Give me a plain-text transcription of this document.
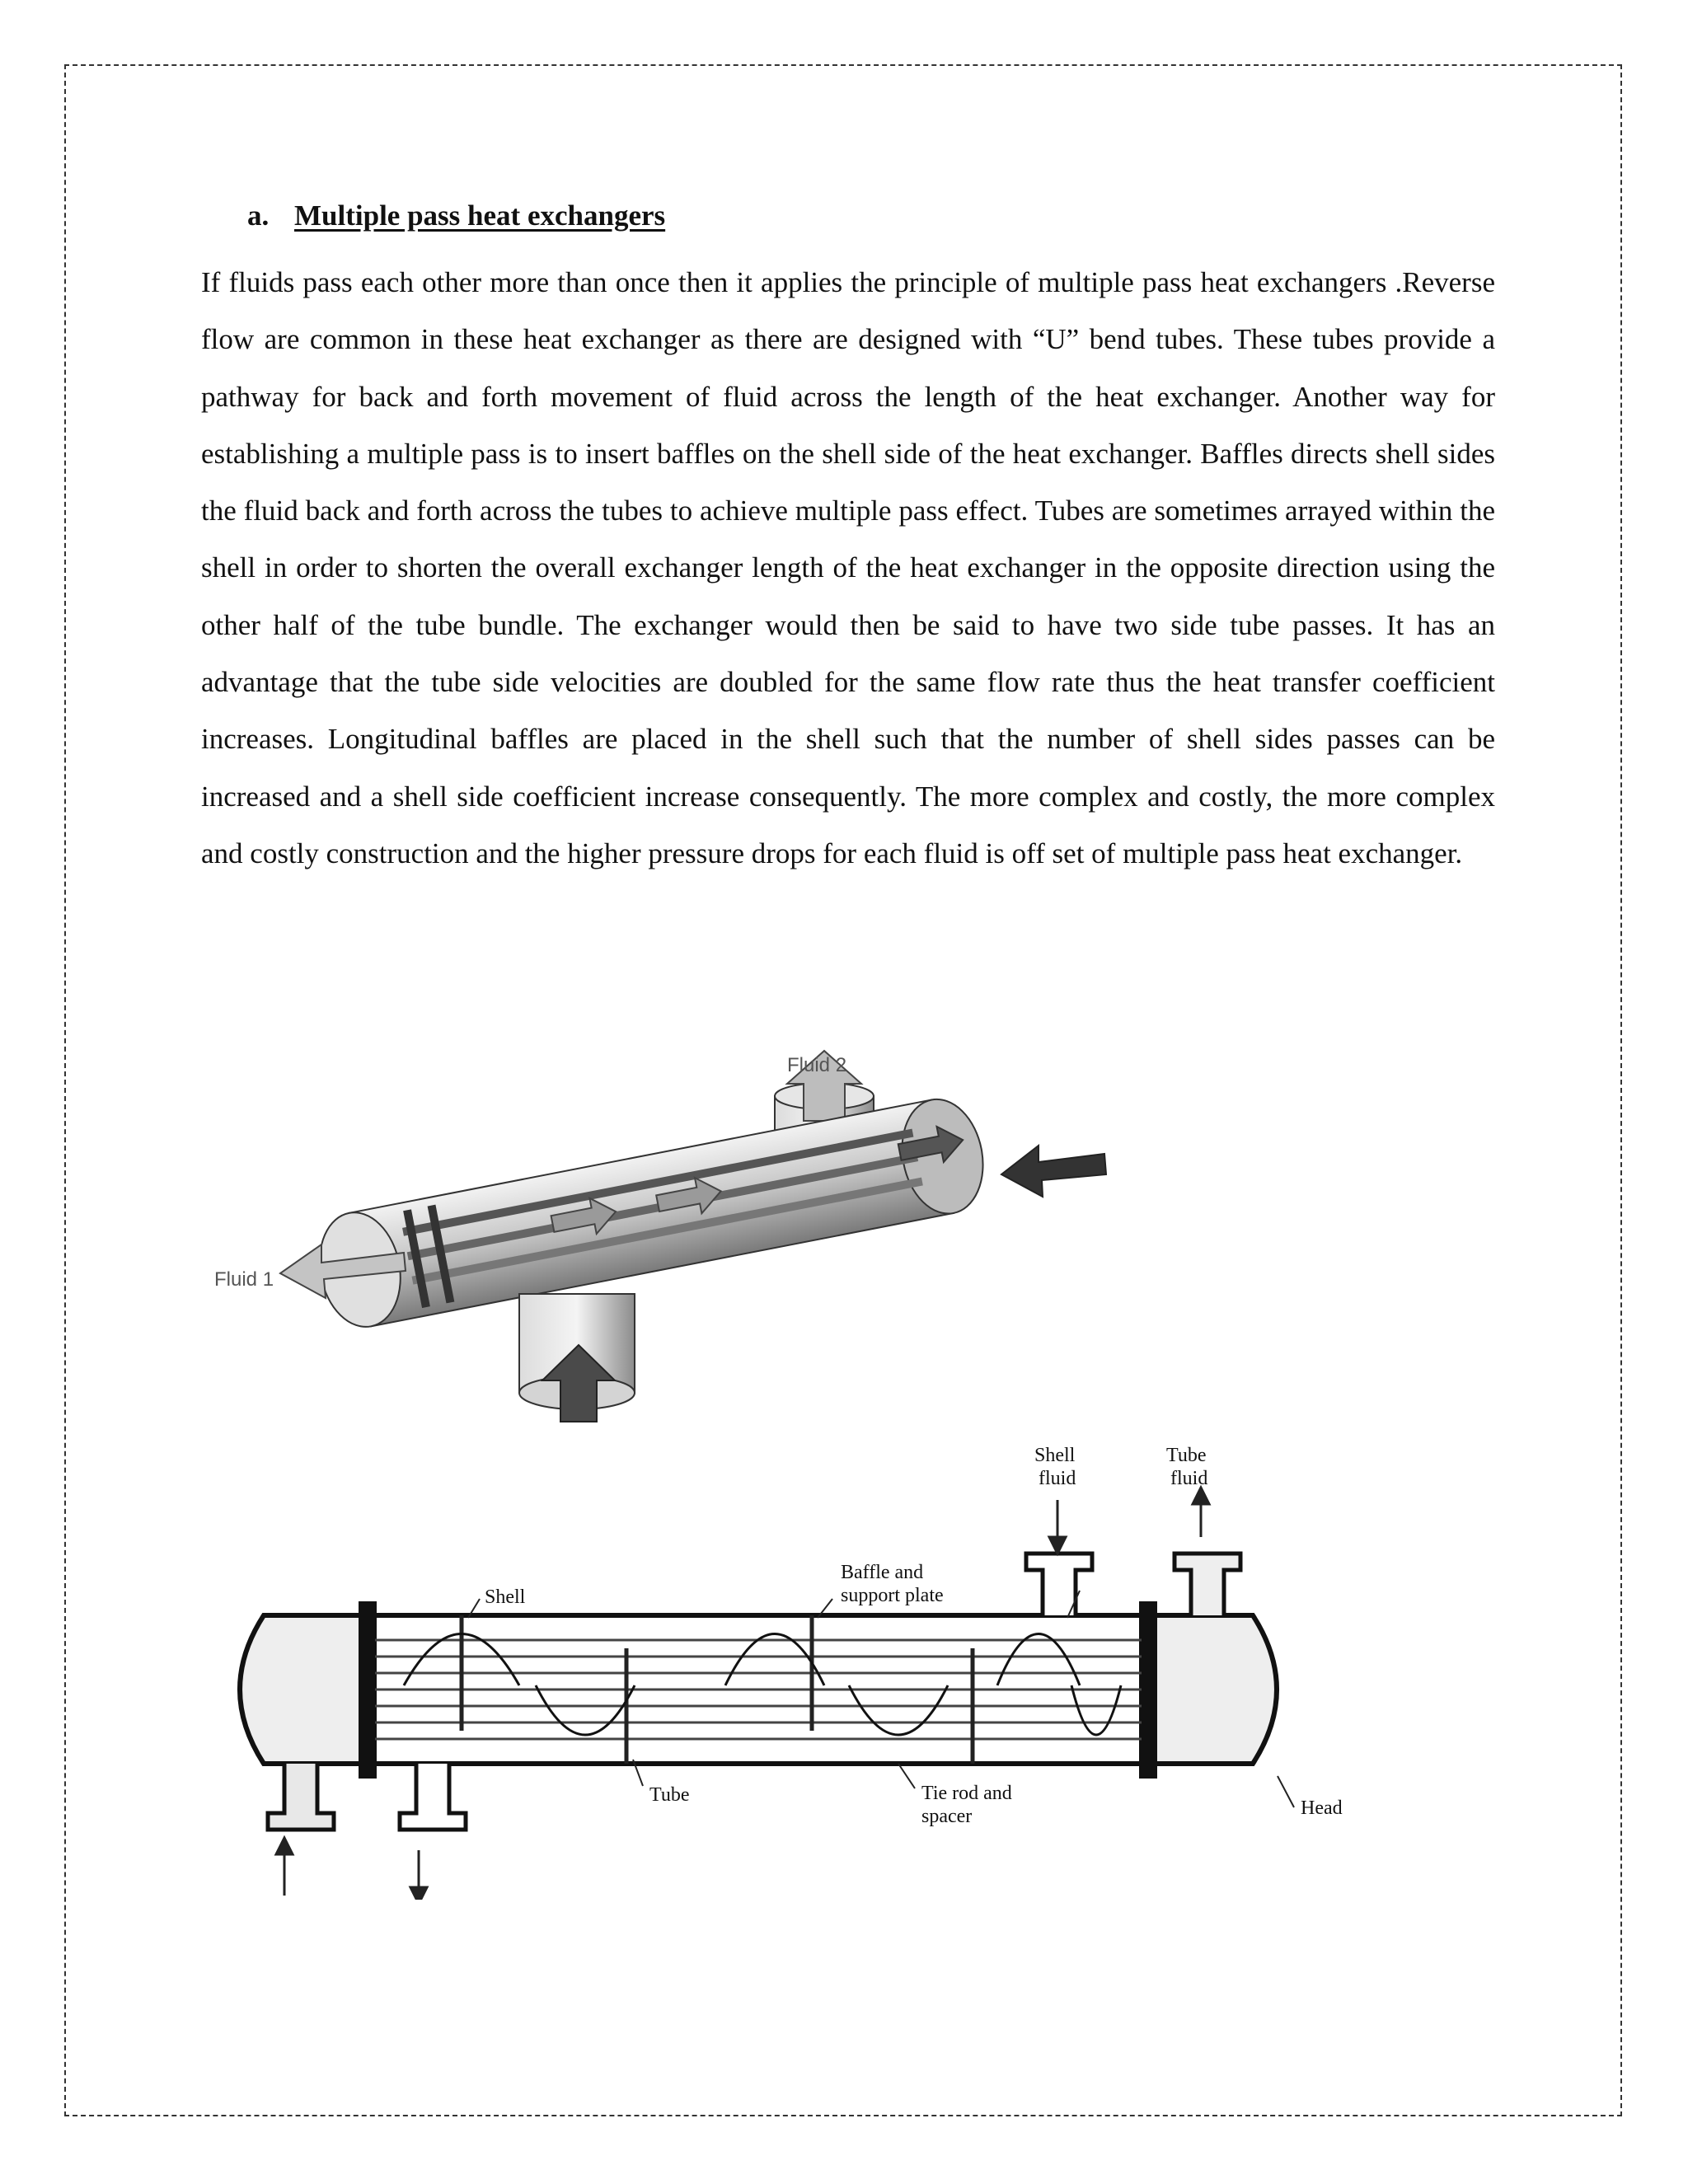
a. Multiple pass heat exchangers

If fluids pass each other more than once then it applies the principle of multiple pass heat exchangers .Reverse flow are common in these heat exchanger as there are designed with “U” bend tubes. These tubes provide a pathway for back and forth movement of fluid across the length of the heat exchanger. Another way for establishing a multiple pass is to insert baffles on the shell side of the heat exchanger. Baffles directs shell sides the fluid back and forth across the tubes to achieve multiple pass effect. Tubes are sometimes arrayed within the shell in order to shorten the overall exchanger length of the heat exchanger in the opposite direction using the other half of the tube bundle. The exchanger would then be said to have two side tube passes. It has an advantage that the tube side velocities are doubled for the same flow rate thus the heat transfer coefficient increases. Longitudinal baffles are placed in the shell such that the number of shell sides passes can be increased and a shell side coefficient increase consequently. The more complex and costly, the more complex and costly construction and the higher pressure drops for each fluid is off set of multiple pass heat exchanger.

Fluid 2
Fluid 1
Shell
fluid
Tube
fluid
Shell
Baffle and
support plate
Tube	Tie rod and
spacer	Head
